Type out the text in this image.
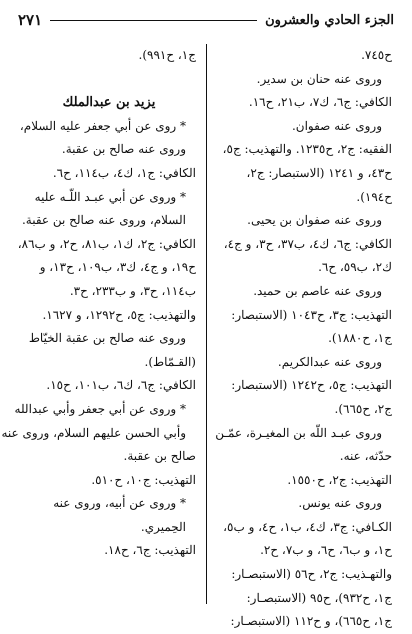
الجزء الحادي والعشرون
٢٧١
ح٧٤٥.
وروى عنه حنان بن سدير.
الكافي: ج٦، ك٧، ب٢١، ح١٦.
وروى عنه صفوان.
الفقيه: ج٢، ح١٢٣٥. والتهذيب: ج٥،
ح٤٣، و ١٢٤١ (الاستبصار: ج٢،
ح١٩٤).
وروى عنه صفوان بن يحيى.
الكافي: ج٦، ك٤، ب٣٧، ح٣، و ج٤،
ك٢، ب٥٩، ح٦.
وروى عنه عاصم بن حميد.
التهذيب: ج٣، ح١٠٤٣ (الاستبصار:
ج١، ح١٨٨٠).
وروى عنه عبدالكريم.
التهذيب: ج٥، ح١٢٤٢ (الاستبصار:
ج٢، ح٦٦٥).
وروى عبـد اللّه بن المغيـرة، عمّـن
حدّثه، عنه.
التهذيب: ج٢، ح١٥٥٠.
وروى عنه يونس.
الكـافي: ج٣، ك٤، ب١، ح٤، و ب٥،
ح١، و ب٦، ح٦، و ب٧، ح٢.
والتهـذيب: ج٢، ح٥٦ (الاستبصـار:
ج١، ح٩٣٢)، ح٩٥ (الاستبصـار:
ج١، ح٦٦٥)، و ح١١٢ (الاستبصـار:
ج١، ح٩٩١).

يزيد بن عبدالملك
* روى عن أبي جعفر عليه السلام،
وروى عنه صالح بن عقبة.
الكافي: ج١، ك٤، ب١١٤، ح٦.
* وروى عن أبي عبـد اللّـه عليه
السلام، وروى عنه صالح بن عقبة.
الكافي: ج٢، ك١، ب٨١، ح٢، و ب٨٦،
ح١٩، و ج٤، ك٣، ب١٠٩، ح١٣، و
ب١١٤، ح٣، و ب٢٣٣، ح٣.
والتهذيب: ج٥، ح١٢٩٢، و ١٦٢٧.
وروى عنه صالح بن عقبة الخيّاط
(القـمّاط).
الكافي: ج٦، ك٦، ب١٠١، ح١٥.
* وروى عن أبي جعفر وأبي عبدالله
وأبي الحسن عليهم السلام، وروى عنه
صالح بن عقبة.
التهذيب: ج١٠، ح٥١٠.
* وروى عن أبيه، وروى عنه
الحِميري.
التهذيب: ج٦، ح١٨.
